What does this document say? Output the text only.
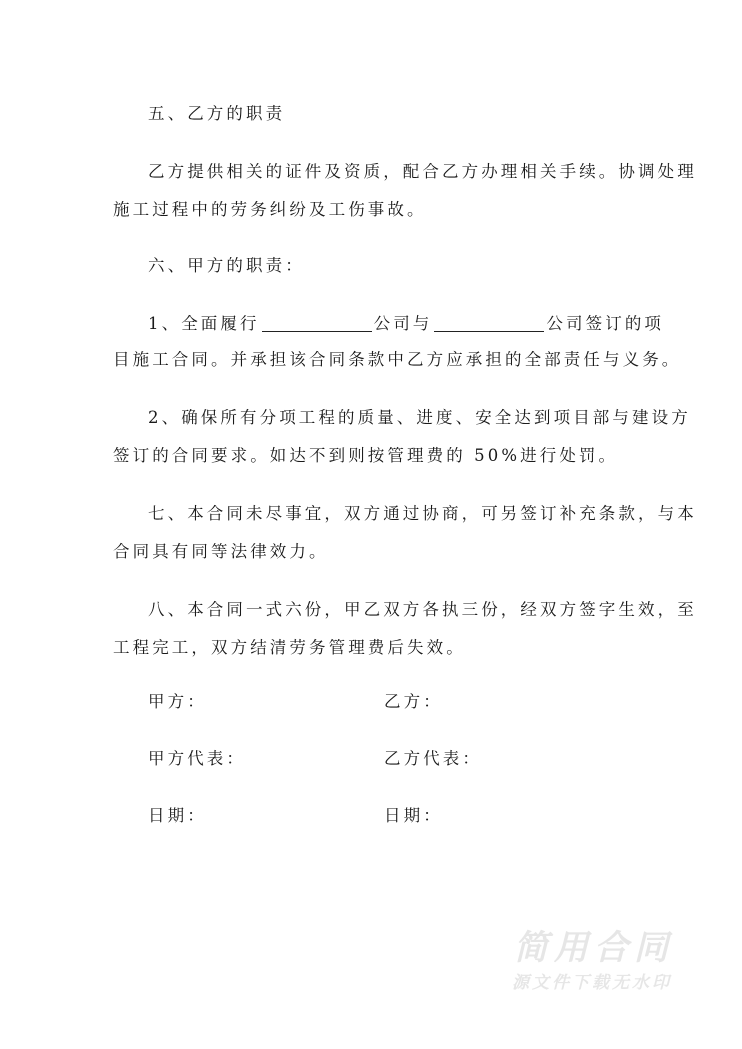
五、乙方的职责
乙方提供相关的证件及资质，配合乙方办理相关手续。协调处理
施工过程中的劳务纠纷及工伤事故。
六、甲方的职责：
1、全面履行	公司与	公司签订的项
目施工合同。并承担该合同条款中乙方应承担的全部责任与义务。
2、确保所有分项工程的质量、进度、安全达到项目部与建设方
签订的合同要求。如达不到则按管理费的 50%进行处罚。
七、本合同未尽事宜，双方通过协商，可另签订补充条款，与本
合同具有同等法律效力。
八、本合同一式六份，甲乙双方各执三份，经双方签字生效，至
工程完工，双方结清劳务管理费后失效。
甲方：	乙方：
甲方代表：	乙方代表：
日期：	日期：
简用合同
源文件下载无水印
